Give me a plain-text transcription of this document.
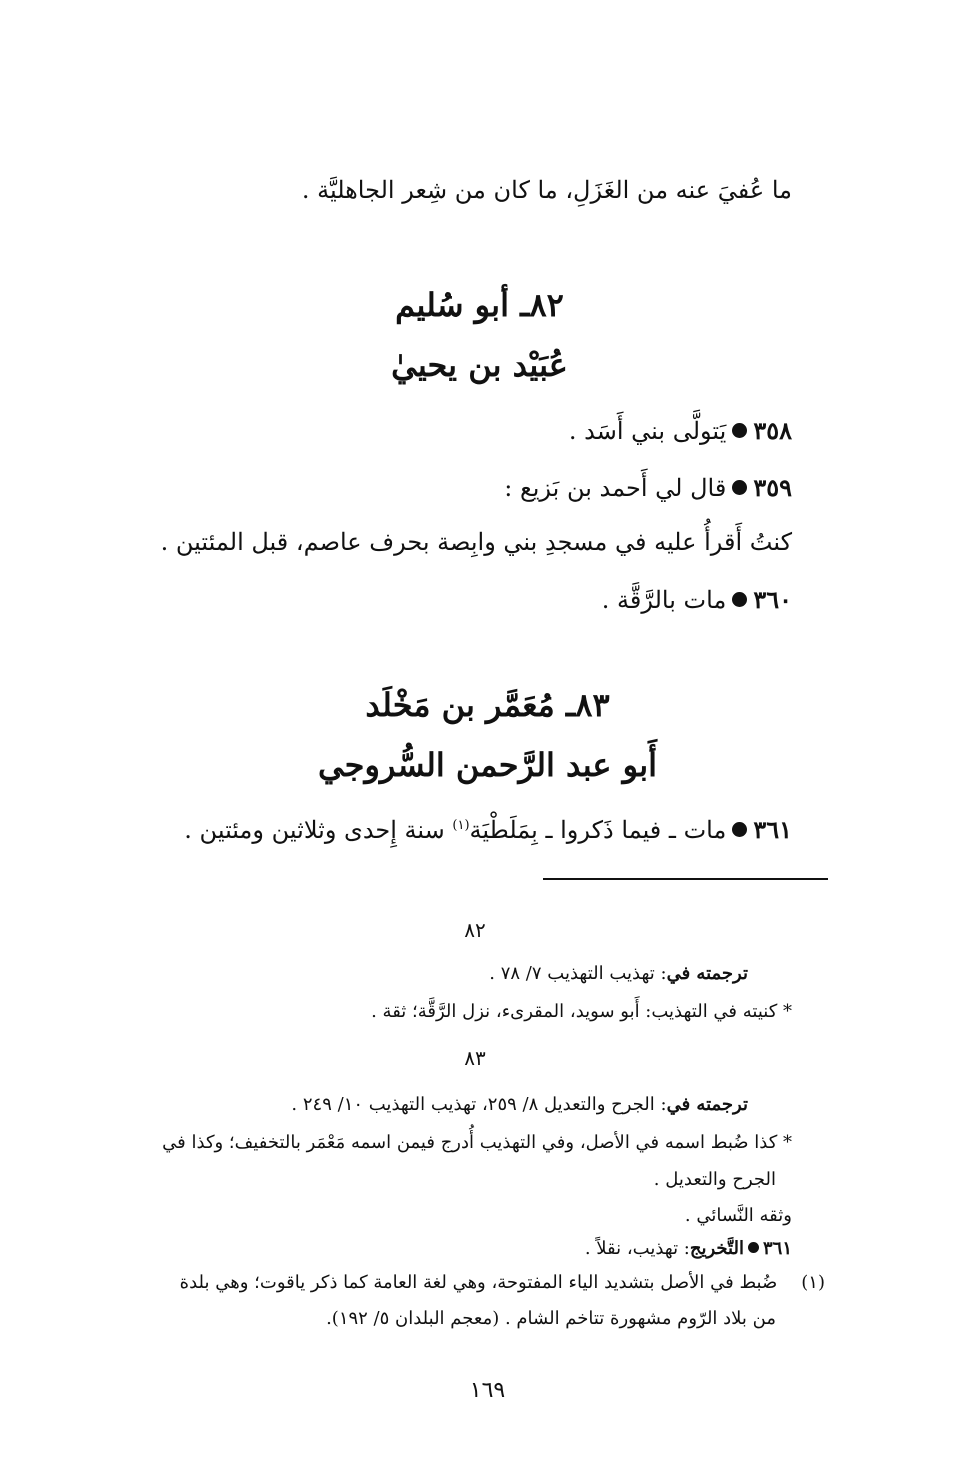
ما عُفيَ عنه من الغَزَلِ، ما كان من شِعر الجاهليَّة .
٨٢ـ أبو سُليم
عُبَيْد بن يحييٰ
٣٥٨يَتولَّى بني أَسَد .
٣٥٩قال لي أَحمد بن بَزيع :
كنتُ أَقرأُ عليه في مسجدِ بني وابِصة بحرف عاصم، قبل المئتين .
٣٦٠مات بالرَّقَّة .
٨٣ـ مُعَمَّر بن مَخْلَد
أَبو عبد الرَّحمن السُّروجي
٣٦١مات ـ فيما ذَكروا ـ بِمَلَطْيَة$^{(١)}$ سنة إِحدى وثلاثين ومئتين .
٨٢
ترجمته في: تهذيب التهذيب ٧/ ٧٨ .
* كنيته في التهذيب: أَبو سويد، المقرىء، نزل الرَّقَّة؛ ثقة .
٨٣
ترجمته في: الجرح والتعديل ٨/ ٢٥٩، تهذيب التهذيب ١٠/ ٢٤٩ .
* كذا ضُبط اسمه في الأصل، وفي التهذيب أُدرج فيمن اسمه مَعْمَر بالتخفيف؛ وكذا في
الجرح والتعديل .
وثقه النَّسائي .
٣٦١التَّخريج: تهذيب، نقلاً .
(١)ضُبط في الأصل بتشديد الياء المفتوحة، وهي لغة العامة كما ذكر ياقوت؛ وهي بلدة
من بلاد الرّوم مشهورة تتاخم الشام . (معجم البلدان ٥/ ١٩٢).
١٦٩
